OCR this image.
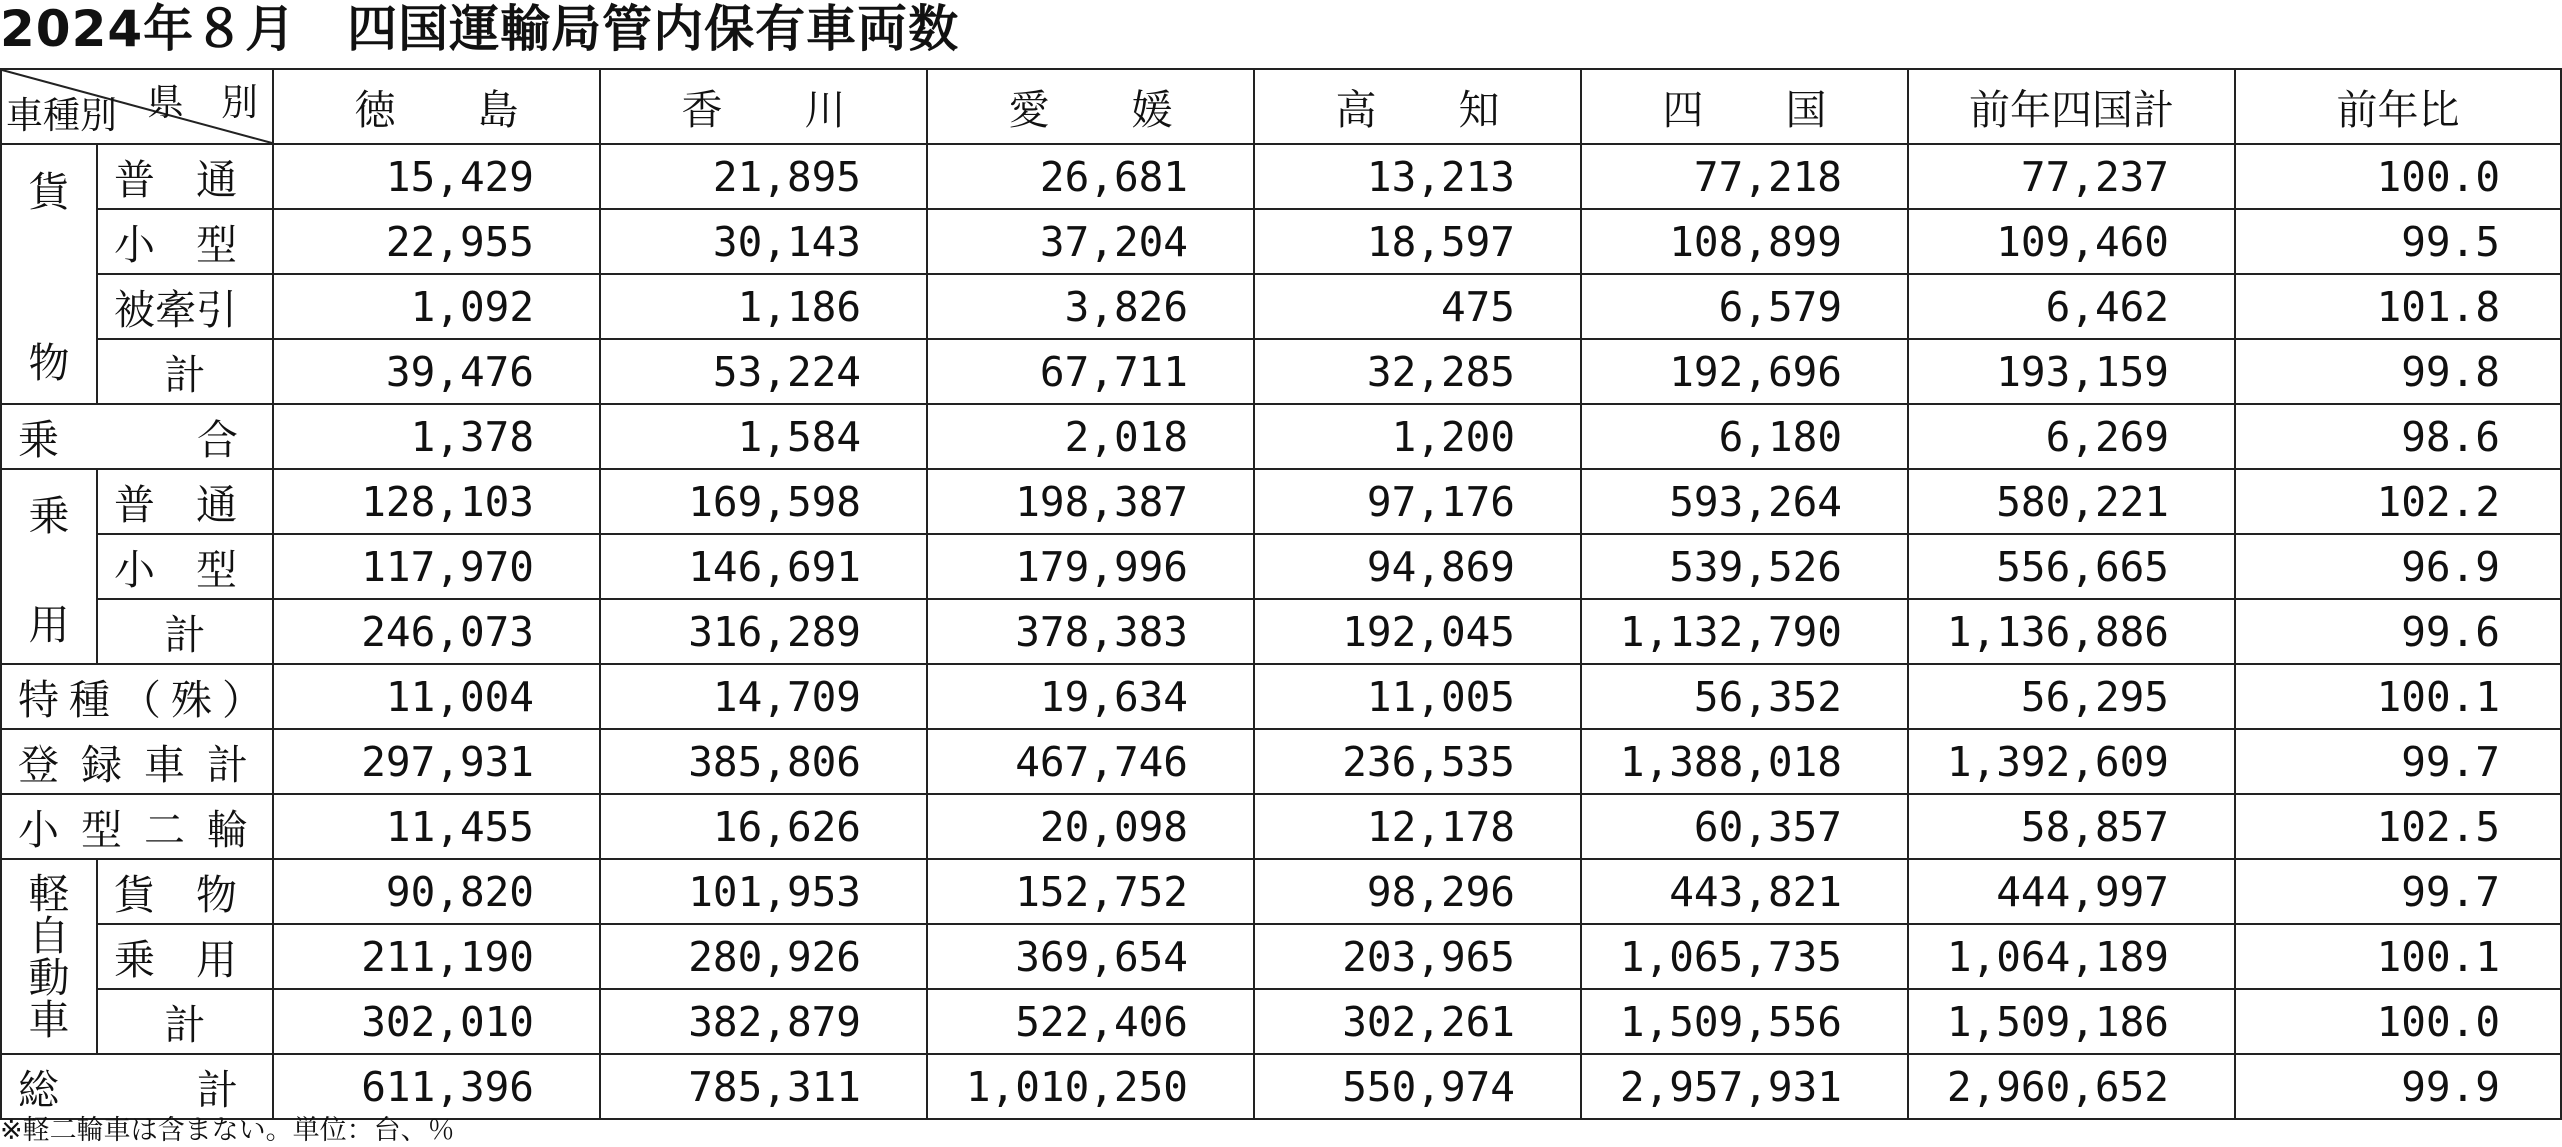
2024年８月　四国運輸局管内保有車両数
県　別
車種別		徳　　島	香　　川	愛　　媛	高　　知	四　　国	前年四国計	前年比

貨
物	普　通	15,429	21,895	26,681	13,213	77,218	77,237	100.0
	小　型	22,955	30,143	37,204	18,597	108,899	109,460	99.5
	被牽引	1,092	1,186	3,826	475	6,579	6,462	101.8
	計	39,476	53,224	67,711	32,285	192,696	193,159	99.8
乗合		1,378	1,584	2,018	1,200	6,180	6,269	98.6

乗
用	普　通	128,103	169,598	198,387	97,176	593,264	580,221	102.2
	小　型	117,970	146,691	179,996	94,869	539,526	556,665	96.9
	計	246,073	316,289	378,383	192,045	1,132,790	1,136,886	99.6
特種（殊）		11,004	14,709	19,634	11,005	56,352	56,295	100.1
登録車計		297,931	385,806	467,746	236,535	1,388,018	1,392,609	99.7
小型二輪		11,455	16,626	20,098	12,178	60,357	58,857	102.5

軽
自
動
車	貨　物	90,820	101,953	152,752	98,296	443,821	444,997	99.7
	乗　用	211,190	280,926	369,654	203,965	1,065,735	1,064,189	100.1
	計	302,010	382,879	522,406	302,261	1,509,556	1,509,186	100.0
総計		611,396	785,311	1,010,250	550,974	2,957,931	2,960,652	99.9
※軽二輪車は含まない。単位：台、％
